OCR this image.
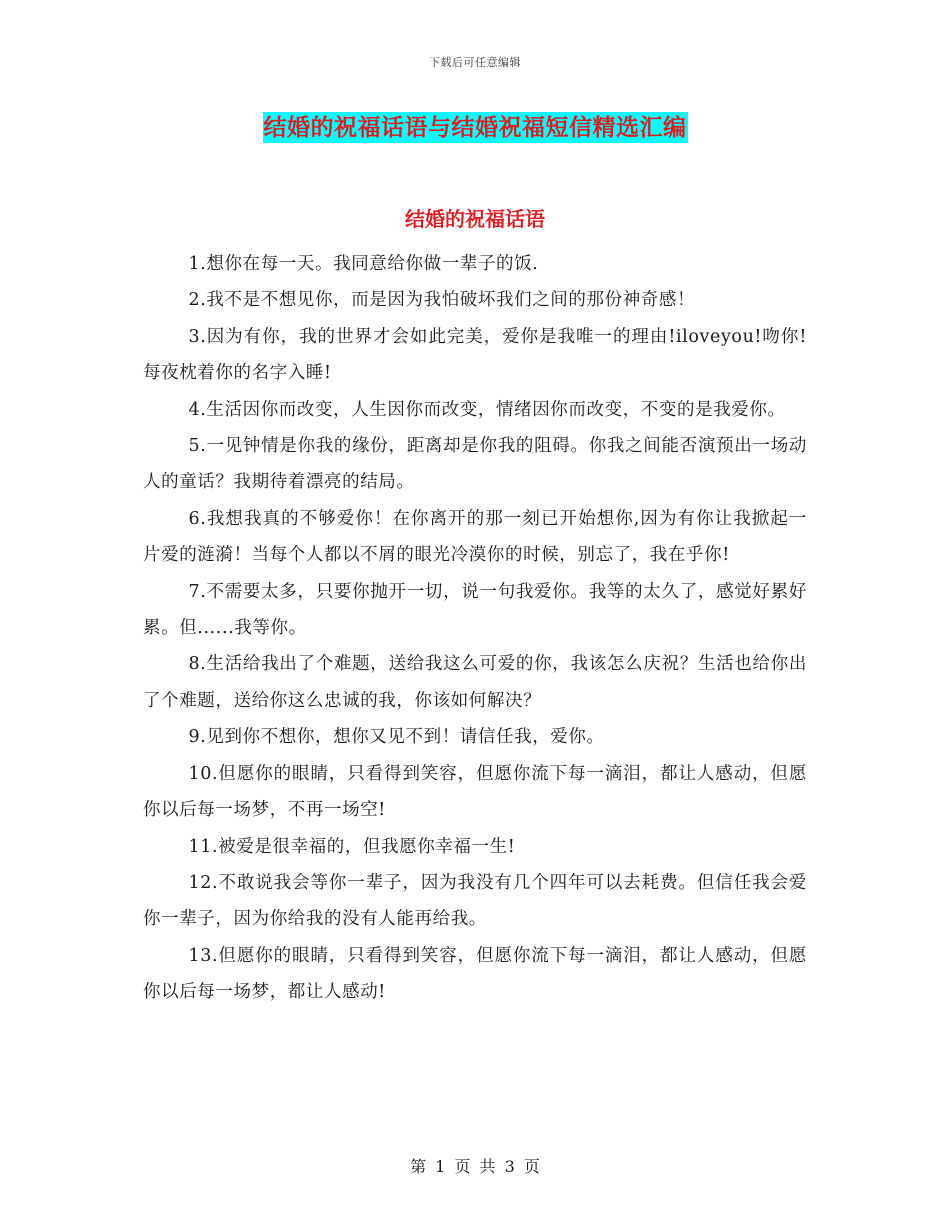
下载后可任意编辑
结婚的祝福话语与结婚祝福短信精选汇编
结婚的祝福话语

1.想你在每一天。我同意给你做一辈子的饭.

2.我不是不想见你，而是因为我怕破坏我们之间的那份神奇感！

3.因为有你，我的世界才会如此完美，爱你是我唯一的理由!iloveyou!吻你!每夜枕着你的名字入睡!

4.生活因你而改变，人生因你而改变，情绪因你而改变，不变的是我爱你。

5.一见钟情是你我的缘份，距离却是你我的阻碍。你我之间能否演预出一场动人的童话？我期待着漂亮的结局。

6.我想我真的不够爱你！在你离开的那一刻已开始想你,因为有你让我掀起一片爱的涟漪！当每个人都以不屑的眼光冷漠你的时候，别忘了，我在乎你!

7.不需要太多，只要你抛开一切，说一句我爱你。我等的太久了，感觉好累好累。但......我等你。

8.生活给我出了个难题，送给我这么可爱的你，我该怎么庆祝？生活也给你出了个难题，送给你这么忠诚的我，你该如何解决？

9.见到你不想你，想你又见不到！请信任我，爱你。

10.但愿你的眼睛，只看得到笑容，但愿你流下每一滴泪，都让人感动，但愿你以后每一场梦，不再一场空!

11.被爱是很幸福的，但我愿你幸福一生!

12.不敢说我会等你一辈子，因为我没有几个四年可以去耗费。但信任我会爱你一辈子，因为你给我的没有人能再给我。

13.但愿你的眼睛，只看得到笑容，但愿你流下每一滴泪，都让人感动，但愿你以后每一场梦，都让人感动!

第 1 页 共 3 页
